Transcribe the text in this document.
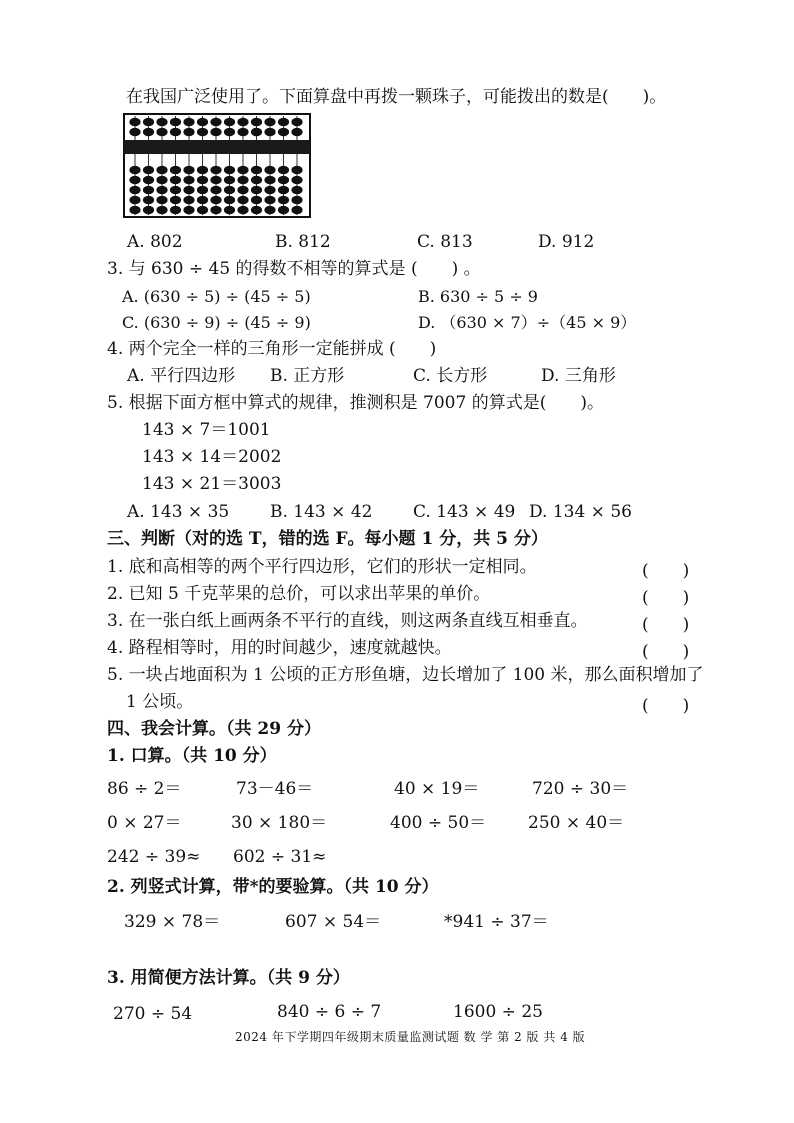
在我国广泛使用了。下面算盘中再拨一颗珠子，可能拨出的数是(　　)。
A. 802	B. 812	C. 813	D. 912
3. 与 630 ÷ 45 的得数不相等的算式是 (　　) 。
A. (630 ÷ 5) ÷ (45 ÷ 5)	B. 630 ÷ 5 ÷ 9
C. (630 ÷ 9) ÷ (45 ÷ 9)	D. （630 × 7）÷（45 × 9）
4. 两个完全一样的三角形一定能拼成 (　　)
A. 平行四边形 B. 正方形	C. 长方形	D. 三角形
5. 根据下面方框中算式的规律，推测积是 7007 的算式是(　　)。
143 × 7＝1001
143 × 14＝2002
143 × 21＝3003
A. 143 × 35 B. 143 × 42 C. 143 × 49 D. 134 × 56
三、判断（对的选 T，错的选 F。每小题 1 分，共 5 分）
1. 底和高相等的两个平行四边形，它们的形状一定相同。	(　　)
2. 已知 5 千克苹果的总价，可以求出苹果的单价。	(　　)
3. 在一张白纸上画两条不平行的直线，则这两条直线互相垂直。	(　　)
4. 路程相等时，用的时间越少，速度就越快。	(　　)
5. 一块占地面积为 1 公顷的正方形鱼塘，边长增加了 100 米，那么面积增加了
1 公顷。	(　　)
四、我会计算。（共 29 分）
1. 口算。（共 10 分）
86 ÷ 2＝	73－46＝	40 × 19＝	720 ÷ 30＝
0 × 27＝	30 × 180＝	400 ÷ 50＝ 250 × 40＝
242 ÷ 39≈ 602 ÷ 31≈
2. 列竖式计算，带*的要验算。（共 10 分）
329 × 78＝	607 × 54＝	*941 ÷ 37＝
3. 用简便方法计算。（共 9 分）
270 ÷ 54	840 ÷ 6 ÷ 7	1600 ÷ 25
2024 年下学期四年级期末质量监测试题 数 学 第 2 版 共 4 版
